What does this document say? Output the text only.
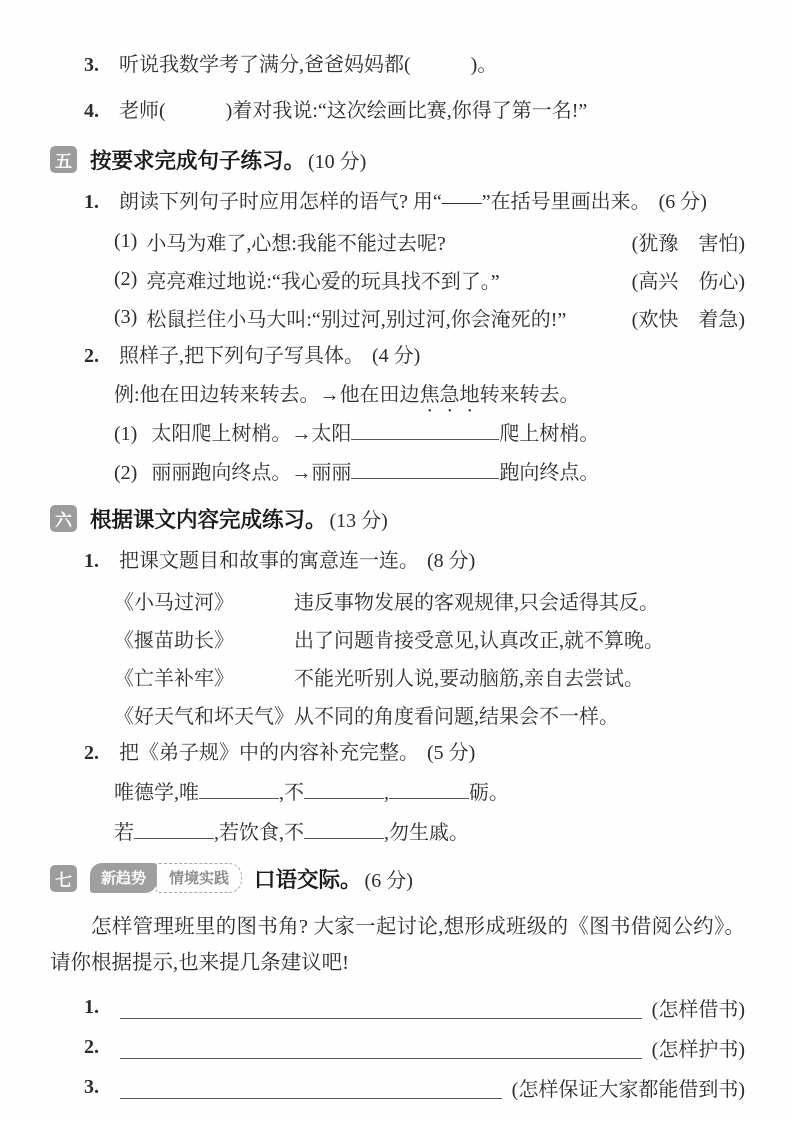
3. 听说我数学考了满分,爸爸妈妈都(　　　)。
4. 老师(　　　)着对我说:“这次绘画比赛,你得了第一名!”
五 按要求完成句子练习。 (10 分)
1. 朗读下列句子时应用怎样的语气? 用“——”在括号里画出来。 (6 分)
(1) 小马为难了,心想:我能不能过去呢?	(犹豫　害怕)
(2) 亮亮难过地说:“我心爱的玩具找不到了。”	(高兴　伤心)
(3) 松鼠拦住小马大叫:“别过河,别过河,你会淹死的!”	(欢快　着急)
2. 照样子,把下列句子写具体。 (4 分)
例:他在田边转来转去。→他在田边焦急地转来转去。
(1) 太阳爬上树梢。→太阳	爬上树梢。
(2) 丽丽跑向终点。→丽丽	跑向终点。
六 根据课文内容完成练习。 (13 分)
1. 把课文题目和故事的寓意连一连。 (8 分)
《小马过河》	违反事物发展的客观规律,只会适得其反。
《揠苗助长》	出了问题肯接受意见,认真改正,就不算晚。
《亡羊补牢》	不能光听别人说,要动脑筋,亲自去尝试。
《好天气和坏天气》 从不同的角度看问题,结果会不一样。
2. 把《弟子规》中的内容补充完整。 (5 分)
唯德学,唯	,不	,	砺。
若	,若饮食,不	,勿生戚。
七	新趋势	情境实践	口语交际。 (6 分)

怎样管理班里的图书角? 大家一起讨论,想形成班级的《图书借阅公约》。请你根据提示,也来提几条建议吧!

1.	(怎样借书)
2.	(怎样护书)
3.	(怎样保证大家都能借到书)
